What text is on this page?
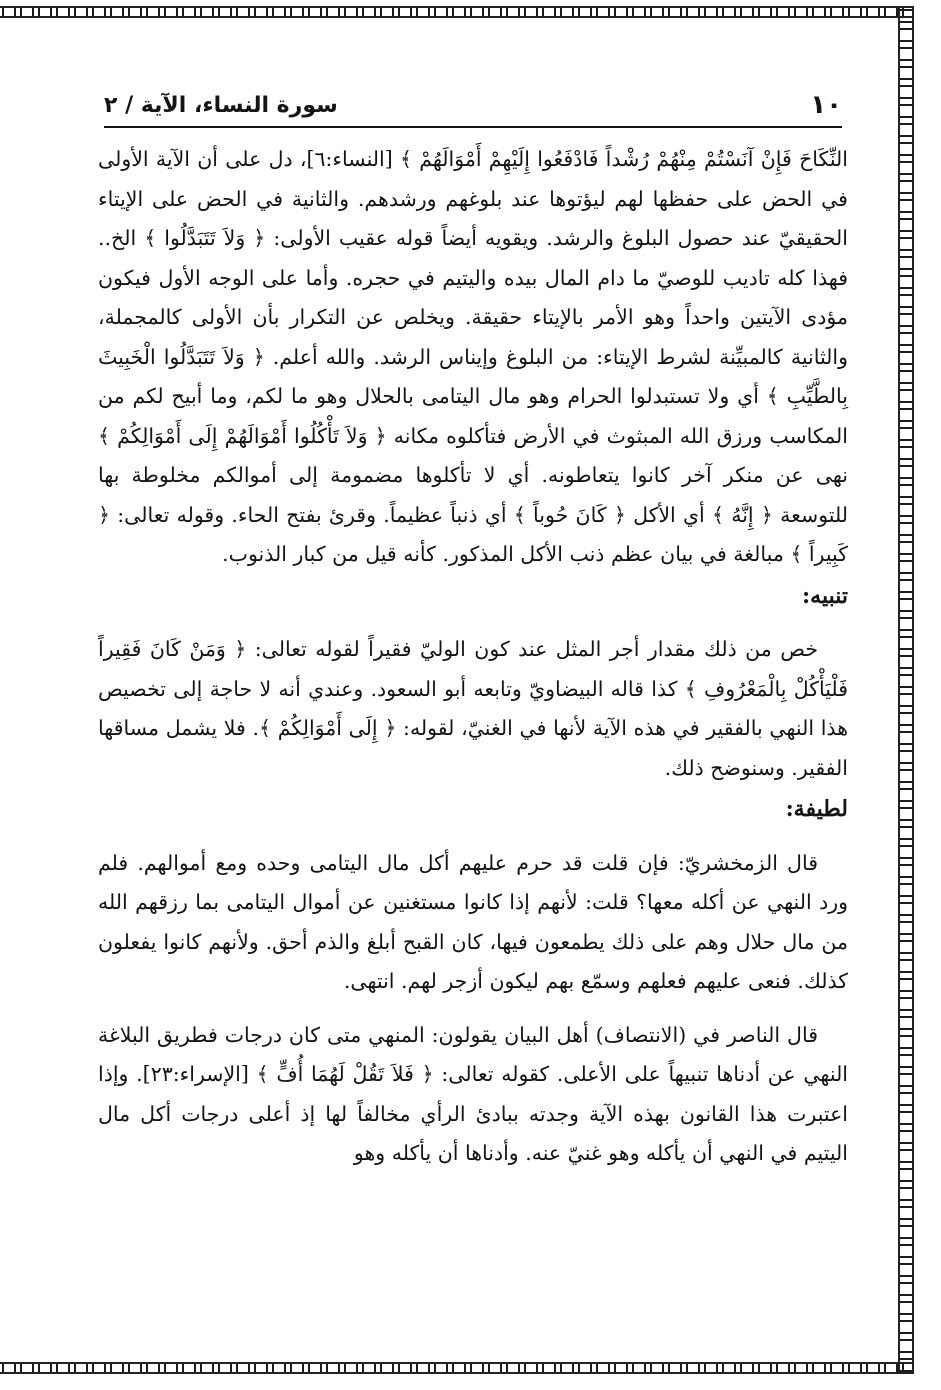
١٠
سورة النساء، الآية / ٢

النِّكَاحَ فَإِنْ آنَسْتُمْ مِنْهُمْ رُشْداً فَادْفَعُوا إِلَيْهِمْ أَمْوَالَهُمْ ﴾ [النساء:٦]، دل على أن الآية الأولى في الحض على حفظها لهم ليؤتوها عند بلوغهم ورشدهم. والثانية في الحض على الإيتاء الحقيقيّ عند حصول البلوغ والرشد. ويقويه أيضاً قوله عقيب الأولى: ﴿ وَلاَ تَتَبَدَّلُوا ﴾ الخ.. فهذا كله تاديب للوصيّ ما دام المال بيده واليتيم في حجره. وأما على الوجه الأول فيكون مؤدى الآيتين واحداً وهو الأمر بالإيتاء حقيقة. ويخلص عن التكرار بأن الأولى كالمجملة، والثانية كالمبيِّنة لشرط الإيتاء: من البلوغ وإيناس الرشد. والله أعلم. ﴿ وَلاَ تَتَبَدَّلُوا الْخَبِيثَ بِالطَّيِّبِ ﴾ أي ولا تستبدلوا الحرام وهو مال اليتامى بالحلال وهو ما لكم، وما أبيح لكم من المكاسب ورزق الله المبثوث في الأرض فتأكلوه مكانه ﴿ وَلاَ تَأْكُلُوا أَمْوَالَهُمْ إِلَى أَمْوَالِكُمْ ﴾ نهى عن منكر آخر كانوا يتعاطونه. أي لا تأكلوها مضمومة إلى أموالكم مخلوطة بها للتوسعة ﴿ إِنَّهُ ﴾ أي الأكل ﴿ كَانَ حُوباً ﴾ أي ذنباً عظيماً. وقرئ بفتح الحاء. وقوله تعالى: ﴿ كَبِيراً ﴾ مبالغة في بيان عظم ذنب الأكل المذكور. كأنه قيل من كبار الذنوب.

تنبيه:

خص من ذلك مقدار أجر المثل عند كون الوليّ فقيراً لقوله تعالى: ﴿ وَمَنْ كَانَ فَقِيراً فَلْيَأْكُلْ بِالْمَعْرُوفِ ﴾ كذا قاله البيضاويّ وتابعه أبو السعود. وعندي أنه لا حاجة إلى تخصيص هذا النهي بالفقير في هذه الآية لأنها في الغنيّ، لقوله: ﴿ إِلَى أَمْوَالِكُمْ ﴾. فلا يشمل مساقها الفقير. وسنوضح ذلك.

لطيفة:

قال الزمخشريّ: فإن قلت قد حرم عليهم أكل مال اليتامى وحده ومع أموالهم. فلم ورد النهي عن أكله معها؟ قلت: لأنهم إذا كانوا مستغنين عن أموال اليتامى بما رزقهم الله من مال حلال وهم على ذلك يطمعون فيها، كان القبح أبلغ والذم أحق. ولأنهم كانوا يفعلون كذلك. فنعى عليهم فعلهم وسمّع بهم ليكون أزجر لهم. انتهى.

قال الناصر في (الانتصاف) أهل البيان يقولون: المنهي متى كان درجات فطريق البلاغة النهي عن أدناها تنبيهاً على الأعلى. كقوله تعالى: ﴿ فَلاَ تَقُلْ لَهُمَا أُفٍّ ﴾ [الإسراء:٢٣]. وإذا اعتبرت هذا القانون بهذه الآية وجدته ببادئ الرأي مخالفاً لها إذ أعلى درجات أكل مال اليتيم في النهي أن يأكله وهو غنيّ عنه. وأدناها أن يأكله وهو
